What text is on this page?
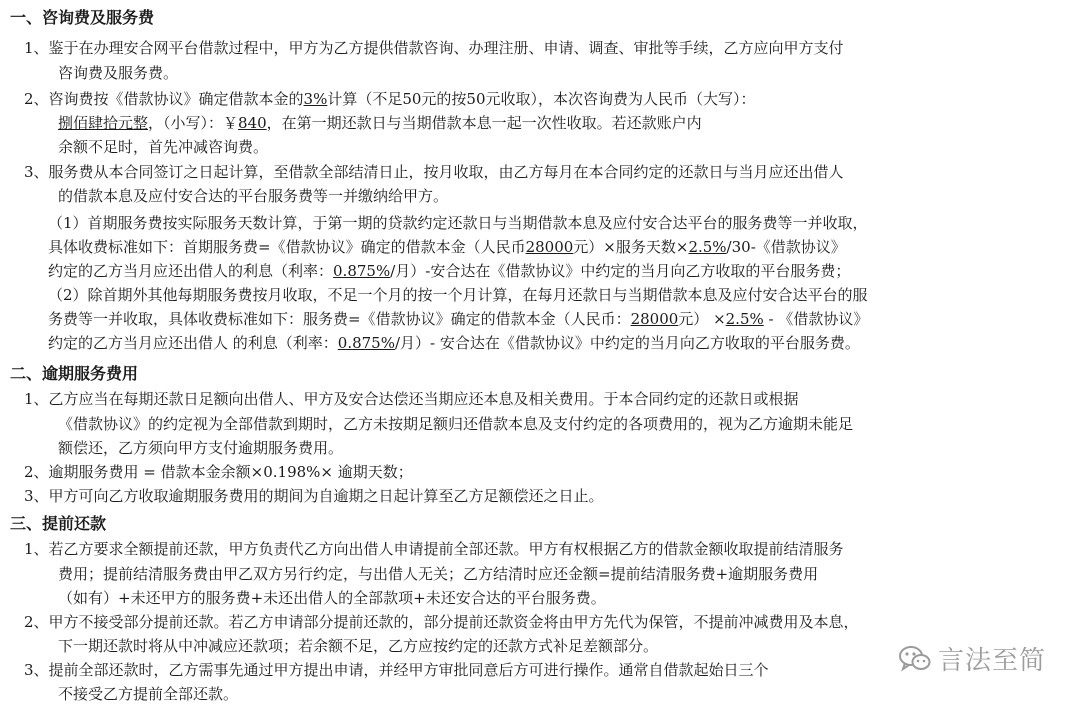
一、咨询费及服务费
1、鉴于在办理安合网平台借款过程中，甲方为乙方提供借款咨询、办理注册、申请、调查、审批等手续，乙方应向甲方支付
咨询费及服务费。
2、咨询费按《借款协议》确定借款本金的3%计算（不足50元的按50元收取），本次咨询费为人民币（大写）：
捌佰肆拾元整，（小写）：￥840，在第一期还款日与当期借款本息一起一次性收取。若还款账户内
余额不足时，首先冲减咨询费。
3、服务费从本合同签订之日起计算，至借款全部结清日止，按月收取，由乙方每月在本合同约定的还款日与当月应还出借人
的借款本息及应付安合达的平台服务费等一并缴纳给甲方。
（1）首期服务费按实际服务天数计算，于第一期的贷款约定还款日与当期借款本息及应付安合达平台的服务费等一并收取，
具体收费标准如下：首期服务费=《借款协议》确定的借款本金（人民币28000元）×服务天数×2.5%/30-《借款协议》
约定的乙方当月应还出借人的利息（利率：0.875%/月）-安合达在《借款协议》中约定的当月向乙方收取的平台服务费；
（2）除首期外其他每期服务费按月收取，不足一个月的按一个月计算，在每月还款日与当期借款本息及应付安合达平台的服
务费等一并收取，具体收费标准如下：服务费=《借款协议》确定的借款本金（人民币：28000元） ×2.5% - 《借款协议》
约定的乙方当月应还出借人 的利息（利率：0.875%/月）- 安合达在《借款协议》中约定的当月向乙方收取的平台服务费。
二、逾期服务费用
1、乙方应当在每期还款日足额向出借人、甲方及安合达偿还当期应还本息及相关费用。于本合同约定的还款日或根据
《借款协议》的约定视为全部借款到期时，乙方未按期足额归还借款本息及支付约定的各项费用的，视为乙方逾期未能足
额偿还，乙方须向甲方支付逾期服务费用。
2、逾期服务费用 = 借款本金余额×0.198%× 逾期天数；
3、甲方可向乙方收取逾期服务费用的期间为自逾期之日起计算至乙方足额偿还之日止。
三、提前还款
1、若乙方要求全额提前还款，甲方负责代乙方向出借人申请提前全部还款。甲方有权根据乙方的借款金额收取提前结清服务
费用；提前结清服务费由甲乙双方另行约定，与出借人无关；乙方结清时应还金额=提前结清服务费+逾期服务费用
（如有）+未还甲方的服务费+未还出借人的全部款项+未还安合达的平台服务费。
2、甲方不接受部分提前还款。若乙方申请部分提前还款的，部分提前还款资金将由甲方先代为保管，不提前冲减费用及本息，
下一期还款时将从中冲减应还款项；若余额不足，乙方应按约定的还款方式补足差额部分。
3、提前全部还款时，乙方需事先通过甲方提出申请，并经甲方审批同意后方可进行操作。通常自借款起始日三个
不接受乙方提前全部还款。
言法至简
